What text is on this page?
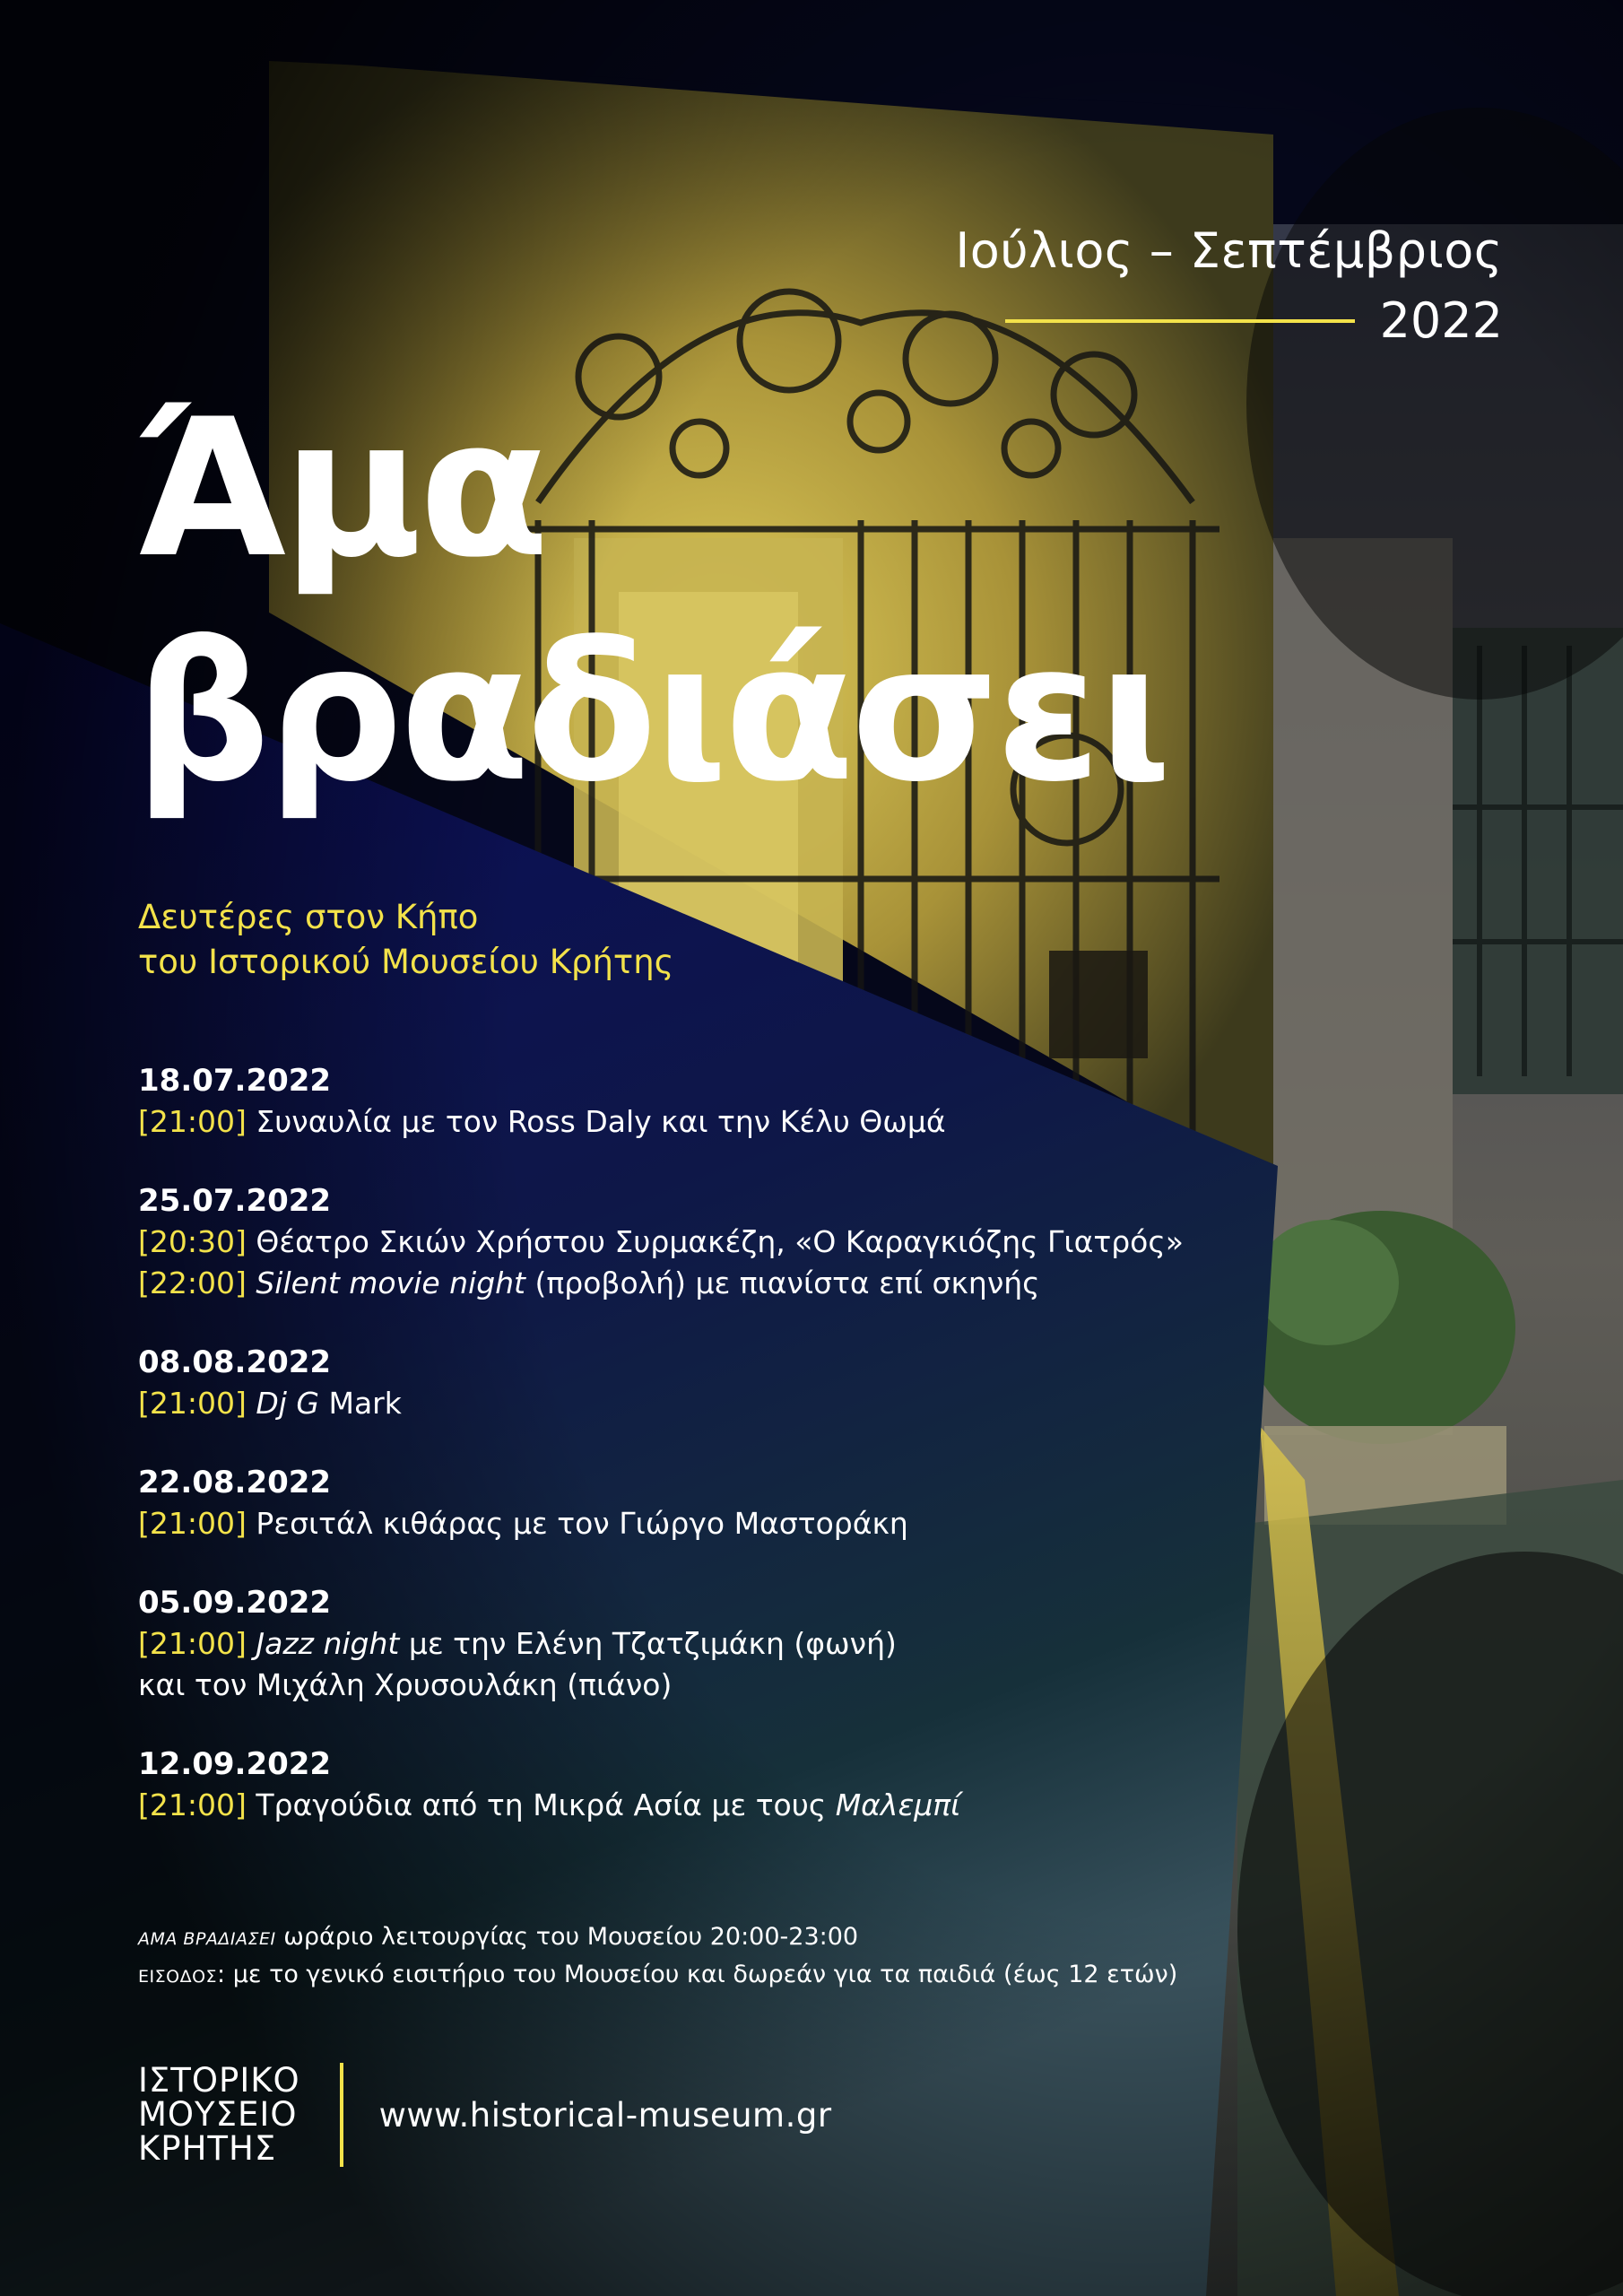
Ιούλιος – Σεπτέμβριος
2022
Άμα
βραδιάσει
Δευτέρες στον Κήπο
του Ιστορικού Μουσείου Κρήτης
18.07.2022
[21:00] Συναυλία με τον Ross Daly και την Κέλυ Θωμά
25.07.2022
[20:30] Θέατρο Σκιών Χρήστου Συρμακέζη, «Ο Καραγκιόζης Γιατρός»
[22:00] Silent movie night (προβολή) με πιανίστα επί σκηνής
08.08.2022
[21:00] Dj G Mark
22.08.2022
[21:00] Ρεσιτάλ κιθάρας με τον Γιώργο Μαστοράκη
05.09.2022
[21:00] Jazz night με την Ελένη Τζατζιμάκη (φωνή)
και τον Μιχάλη Χρυσουλάκη (πιάνο)
12.09.2022
[21:00] Τραγούδια από τη Μικρά Ασία με τους Μαλεμπί
ΑΜΑ ΒΡΑΔΙΑΣΕΙ ωράριο λειτουργίας του Μουσείου 20:00-23:00
ΕΙΣΟΔΟΣ: με το γενικό εισιτήριο του Μουσείου και δωρεάν για τα παιδιά (έως 12 ετών)
ΙΣΤΟΡΙΚΟ
ΜΟΥΣΕΙΟ
ΚΡΗΤΗΣ
www.historical-museum.gr
